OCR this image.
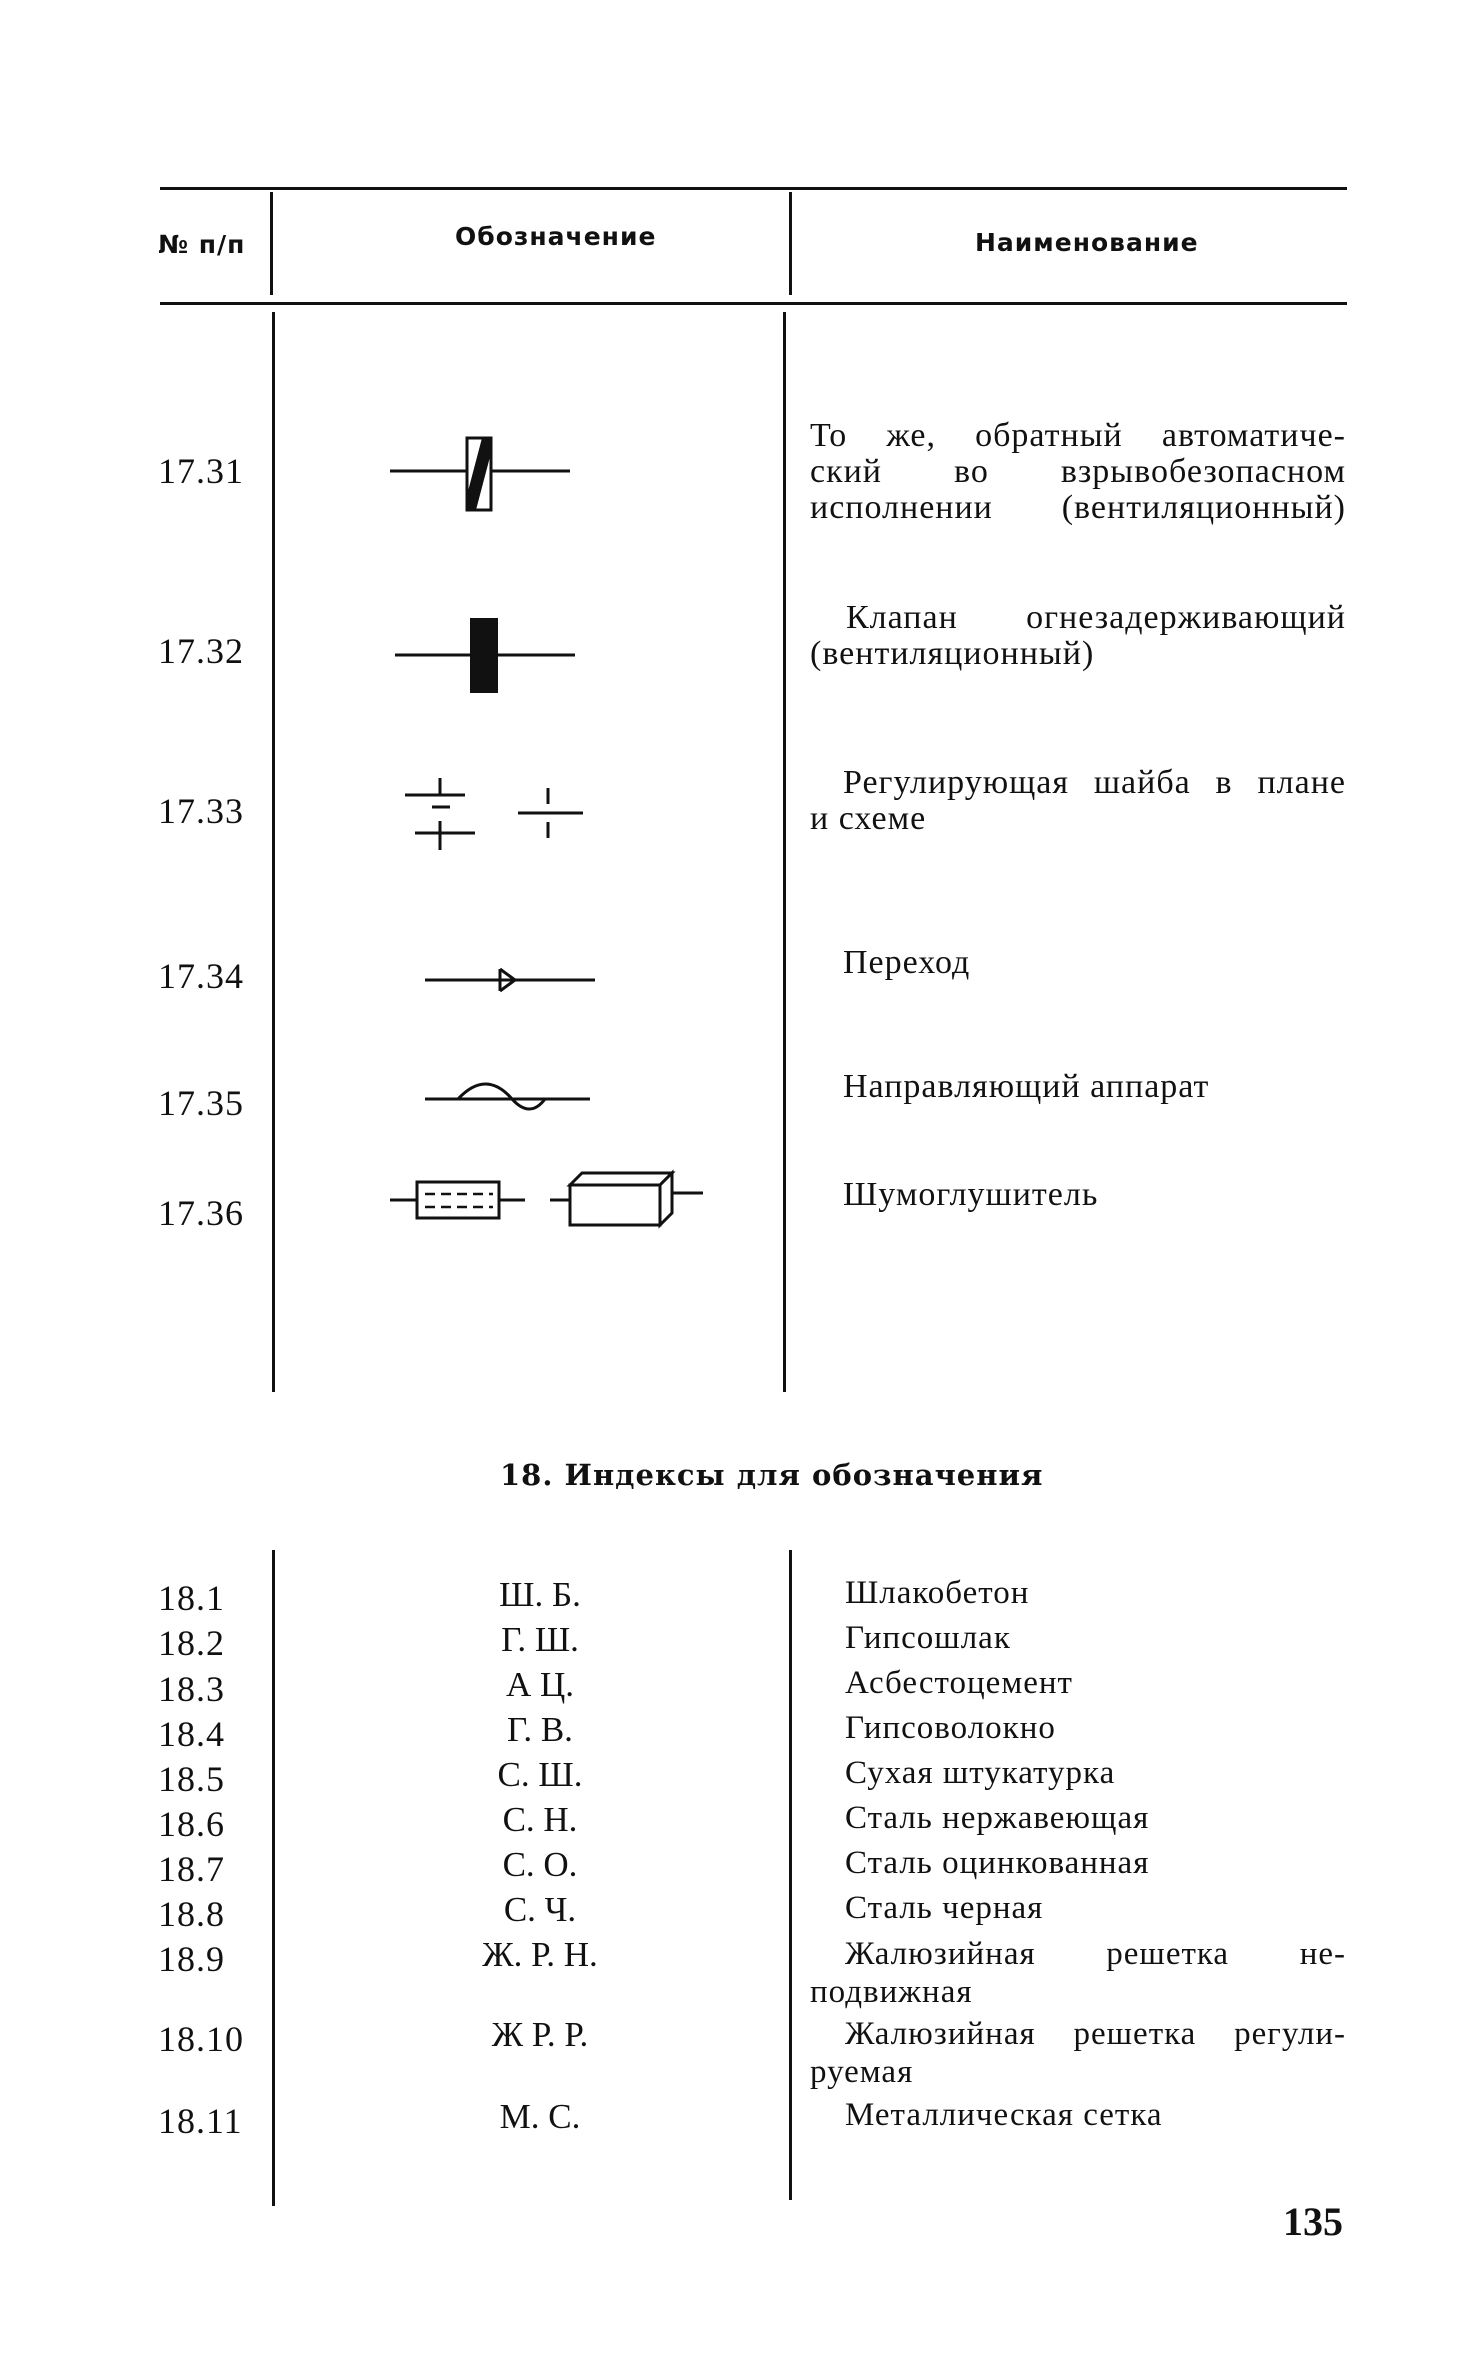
№ п/п	Обозначение	Наименование
17.31
17.32
17.33
17.34
17.35
17.36
То же, обратный автоматиче-
ский во взрывобезопасном
исполнении (вентиляционный)
Клапан огнезадерживающий
(вентиляционный)
Регулирующая шайба в плане
и схеме
Переход
Направляющий аппарат
Шумоглушитель
18. Индексы для обозначения
18.1
18.2
18.3
18.4
18.5
18.6
18.7
18.8
18.9
18.10
18.11
Ш. Б.
Г. Ш.
А Ц.
Г. В.
С. Ш.
С. Н.
С. О.
С. Ч.
Ж. Р. Н.
Ж Р. Р.
М. С.
Шлакобетон
Гипсошлак
Асбестоцемент
Гипсоволокно
Сухая штукатурка
Сталь нержавеющая
Сталь оцинкованная
Сталь черная
Жалюзийная решетка не-
подвижная
Жалюзийная решетка регули-
руемая
Металлическая сетка
135
